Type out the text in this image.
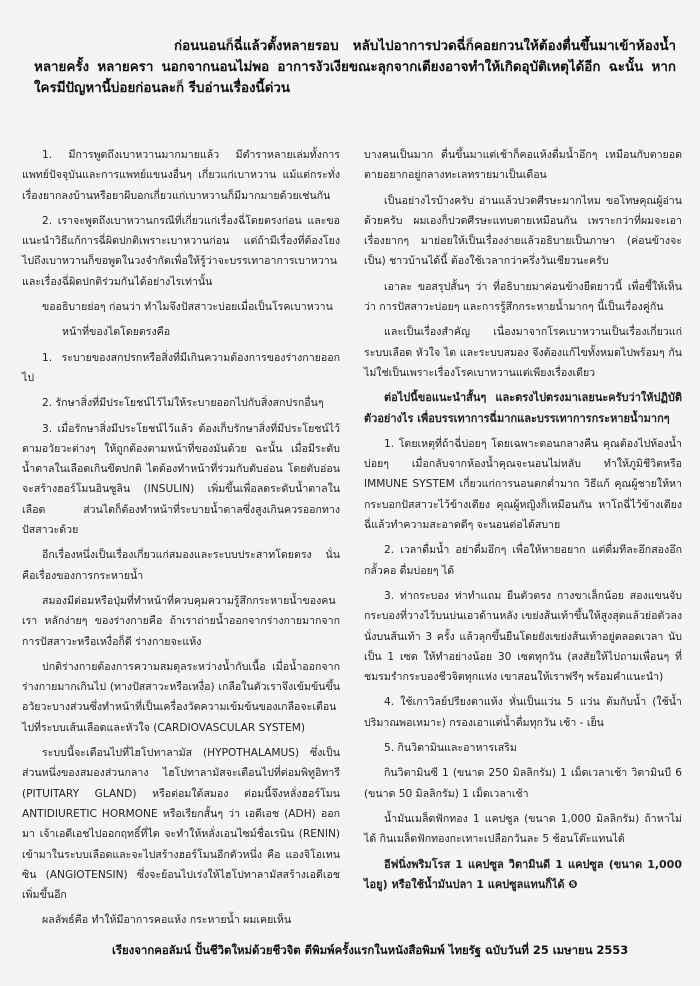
ก่อนนอนก็ฉี่แล้วตั้งหลายรอบ หลับไปอาการปวดฉี่ก็คอยกวนให้ต้องตื่นขึ้นมาเข้าห้องน้ำหลายครั้ง หลายครา นอกจากนอนไม่พอ อาการงัวเงียขณะลุกจากเตียงอาจทำให้เกิดอุบัติเหตุได้อีก ฉะนั้น หากใครมีปัญหานี้บ่อยก่อนละก็ รีบอ่านเรื่องนี้ด่วน

1. มีการพูดถึงเบาหวานมากมายแล้ว มีตำราหลายเล่มทั้งการแพทย์ปัจจุบันและการแพทย์แขนงอื่นๆ เกี่ยวแก่เบาหวาน แม้แต่กระทั่งเรื่องยากลงบ้านหรือยาผีบอกเกี่ยวแก่เบาหวานก็มีมากมายด้วยเช่นกัน

2. เราจะพูดถึงเบาหวานกรณีที่เกี่ยวแก่เรื่องฉี่โดยตรงก่อน และขอแนะนำวิธีแก้การฉี่ผิดปกติเพราะเบาหวานก่อน แต่ถ้ามีเรื่องที่ต้องโยงไปถึงเบาหวานก็ขอพูดในวงจำกัดเพื่อให้รู้ว่าจะบรรเทาอาการเบาหวานและเรื่องฉี่ผิดปกติร่วมกันได้อย่างไรเท่านั้น

ขออธิบายย่อๆ ก่อนว่า ทำไมจึงปัสสาวะบ่อยเมื่อเป็นโรคเบาหวาน

หน้าที่ของไตโดยตรงคือ

1. ระบายของสกปรกหรือสิ่งที่มีเกินความต้องการของร่างกายออกไป

2. รักษาสิ่งที่มีประโยชน์ไว้ไม่ให้ระบายออกไปกับสิ่งสกปรกอื่นๆ

3. เมื่อรักษาสิ่งมีประโยชน์ไว้แล้ว ต้องเก็บรักษาสิ่งที่มีประโยชน์ไว้ตามอวัยวะต่างๆ ให้ถูกต้องตามหน้าที่ของมันด้วย ฉะนั้น เมื่อมีระดับน้ำตาลในเลือดเกินขีดปกติ ไตต้องทำหน้าที่ร่วมกับตับอ่อน โดยตับอ่อนจะสร้างฮอร์โมนอินซูลิน (INSULIN) เพิ่มขึ้นเพื่อลดระดับน้ำตาลในเลือด ส่วนไตก็ต้องทำหน้าที่ระบายน้ำตาลซึ่งสูงเกินควรออกทางปัสสาวะด้วย

อีกเรื่องหนึ่งเป็นเรื่องเกี่ยวแก่สมองและระบบประสาทโดยตรง นั่นคือเรื่องของการกระหายน้ำ

สมองมีต่อมหรือปุ่มที่ทำหน้าที่ควบคุมความรู้สึกกระหายน้ำของคนเรา หลักง่ายๆ ของร่างกายคือ ถ้าเราถ่ายน้ำออกจากร่างกายมากจากการปัสสาวะหรือเหงื่อก็ดี ร่างกายจะแห้ง

ปกติร่างกายต้องการความสมดุลระหว่างน้ำกับเนื้อ เมื่อน้ำออกจากร่างกายมากเกินไป (ทางปัสสาวะหรือเหงื่อ) เกลือในตัวเราจึงเข้มข้นขึ้น อวัยวะบางส่วนซึ่งทำหน้าที่เป็นเครื่องวัดความเข้มข้นของเกลือจะเตือนไปที่ระบบเส้นเลือดและหัวใจ (CARDIOVASCULAR SYSTEM)

ระบบนี้จะเตือนไปที่ไฮโปทาลามัส (HYPOTHALAMUS) ซึ่งเป็นส่วนหนึ่งของสมองส่วนกลาง ไฮโปทาลามัสจะเตือนไปที่ต่อมพิทูอิทารี (PITUITARY GLAND) หรือต่อมใต้สมอง ต่อมนี้จึงหลั่งฮอร์โมน ANTIDIURETIC HORMONE หรือเรียกสั้นๆ ว่า เอดีเอช (ADH) ออกมา เจ้าเอดีเอชไปออกฤทธิ์ที่ไต จะทำให้หลั่งเอนไซม์ชื่อเรนิน (RENIN) เข้ามาในระบบเลือดและจะไปสร้างฮอร์โมนอีกตัวหนึ่ง คือ แองจิโอเทนซิน (ANGIOTENSIN) ซึ่งจะย้อนไปเร่งให้ไฮโปทาลามัสสร้างเอดีเอชเพิ่มขึ้นอีก

ผลลัพธ์คือ ทำให้มีอาการคอแห้ง กระหายน้ำ ผมเคยเห็น

บางคนเป็นมาก ตื่นขึ้นมาแต่เช้าก็คอแห้งดื่มน้ำอึกๆ เหมือนกับตายอดตายอยากอยู่กลางทะเลทรายมาเป็นเดือน

เป็นอย่างไรบ้างครับ อ่านแล้วปวดศีรษะมากไหม ขอโทษคุณผู้อ่านด้วยครับ ผมเองก็ปวดศีรษะแทบตายเหมือนกัน เพราะกว่าที่ผมจะเอาเรื่องยากๆ มาย่อยให้เป็นเรื่องง่ายแล้วอธิบายเป็นภาษา (ค่อนข้างจะเป็น) ชาวบ้านได้นี้ ต้องใช้เวลากว่าครึ่งวันเชียวนะครับ

เอาละ ขอสรุปสั้นๆ ว่า ที่อธิบายมาค่อนข้างยืดยาวนี้ เพื่อชี้ให้เห็นว่า การปัสสาวะบ่อยๆ และการรู้สึกกระหายน้ำมากๆ นี้เป็นเรื่องคู่กัน

และเป็นเรื่องสำคัญ เนื่องมาจากโรคเบาหวานเป็นเรื่องเกี่ยวแก่ระบบเลือด หัวใจ ไต และระบบสมอง จึงต้องแก้ไขทั้งหมดไปพร้อมๆ กัน ไม่ใช่เป็นเพราะเรื่องโรคเบาหวานแต่เพียงเรื่องเดียว

ต่อไปนี้ขอแนะนำสั้นๆ และตรงไปตรงมาเลยนะครับว่าให้ปฏิบัติตัวอย่างไร เพื่อบรรเทาการฉี่มากและบรรเทาการกระหายน้ำมากๆ

1. โดยเหตุที่ถ้าฉี่บ่อยๆ โดยเฉพาะตอนกลางคืน คุณต้องไปห้องน้ำบ่อยๆ เมื่อกลับจากห้องน้ำคุณจะนอนไม่หลับ ทำให้ภูมิชีวิตหรือ IMMUNE SYSTEM เกี่ยวแก่การนอนตกต่ำมาก วิธีแก้ คุณผู้ชายให้หากระบอกปัสสาวะไว้ข้างเตียง คุณผู้หญิงก็เหมือนกัน หาโถฉี่ไว้ข้างเตียง ฉี่แล้วทำความสะอาดดีๆ จะนอนต่อได้สบาย

2. เวลาดื่มน้ำ อย่าดื่มอึกๆ เพื่อให้หายอยาก แต่ดื่มทีละอึกสองอึก กลั้วคอ ดื่มบ่อยๆ ได้

3. ท่ากระบอง ท่าทำเเถม ยืนตัวตรง กางขาเล็กน้อย สองแขนจับกระบองที่วางไว้บนบ่นเอวด้านหลัง เขย่งส้นเท้าขึ้นให้สูงสุดแล้วย่อตัวลงนั่งบนส้นเท้า 3 ครั้ง แล้วลุกขึ้นยืนโดยยังเขย่งส้นเท้าอยู่ตลอดเวลา นับเป็น 1 เซต ให้ทำอย่างน้อย 30 เซตทุกวัน (สงสัยให้ไปถามเพื่อนๆ ที่ชมรมรำกระบองชีวจิตทุกแห่ง เขาสอนให้เราฟรีๆ พร้อมคำแนะนำ)

4. ใช้เกาวิลย์ปรียงตาแห้ง หั่นเป็นแว่น 5 แว่น ต้มกับน้ำ (ใช้น้ำปริมาณพอเหมาะ) กรองเอาแต่น้ำดื่มทุกวัน เช้า - เย็น

5. กินวิตามินและอาหารเสริม

กินวิตามินซี 1 (ขนาด 250 มิลลิกรัม) 1 เม็ดเวลาเช้า วิตามินบี 6 (ขนาด 50 มิลลิกรัม) 1 เม็ดเวลาเช้า

น้ำมันเมล็ดฟักทอง 1 แคปซูล (ขนาด 1,000 มิลลิกรัม) ถ้าหาไม่ได้ กินเมล็ดฟักทองกะเทาะเปลือกวันละ 5 ช้อนโต๊ะแทนได้

อีฟนิ่งพริมโรส 1 แคปซูล วิตามินดี 1 แคปซูล (ขนาด 1,000 ไอยู) หรือใช้น้ำมันปลา 1 แคปซูลแทนก็ได้ ❺

เรียงจากคอลัมน์ ปั้นชีวิตใหม่ด้วยชีวจิต ตีพิมพ์ครั้งแรกในหนังสือพิมพ์ ไทยรัฐ ฉบับวันที่ 25 เมษายน 2553
